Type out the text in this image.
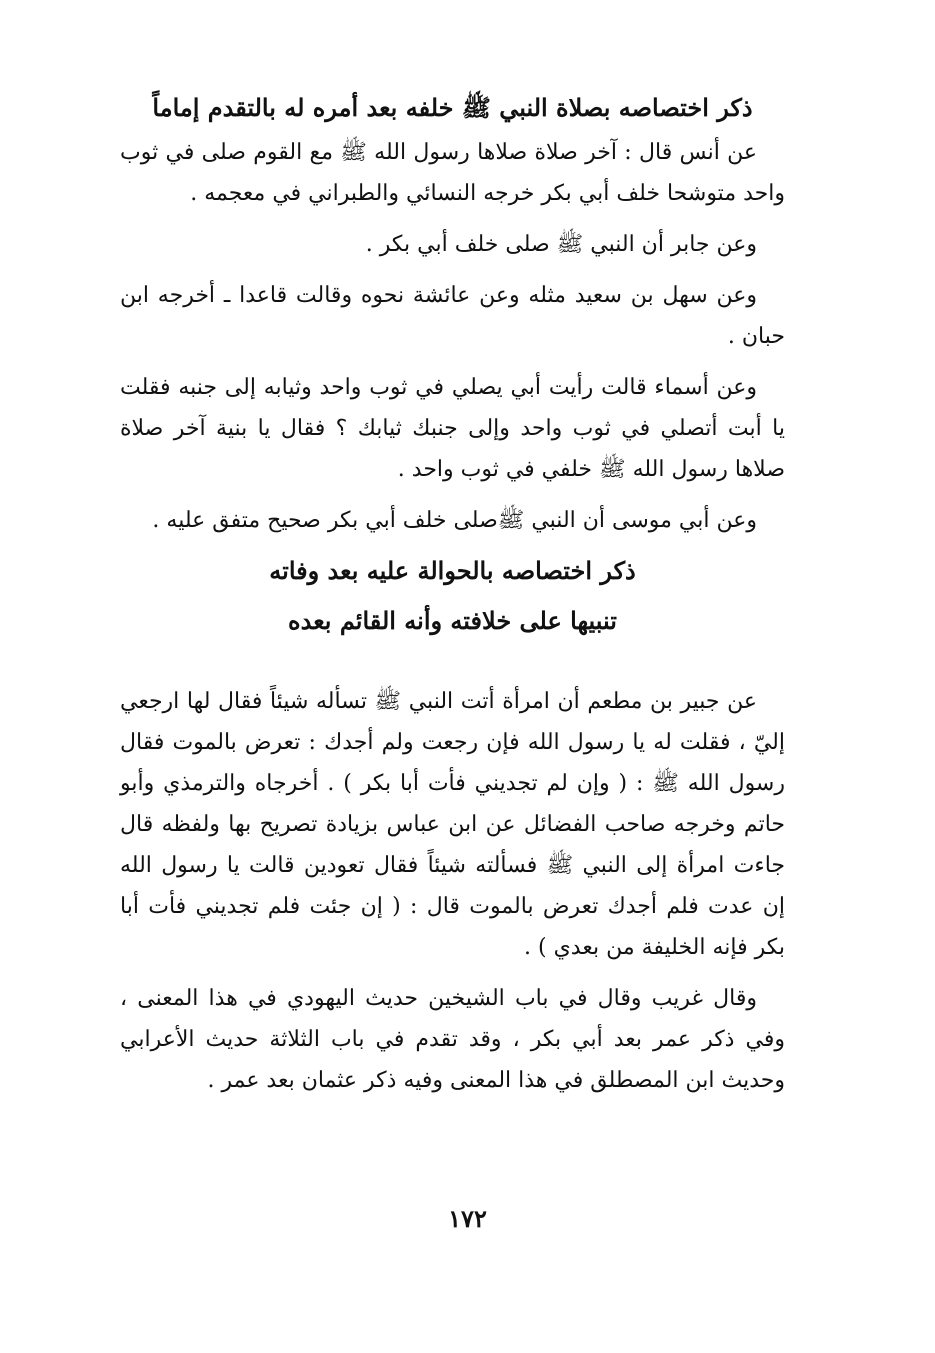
ذكر اختصاصه بصلاة النبي ﷺ خلفه بعد أمره له بالتقدم إماماً

عن أنس قال : آخر صلاة صلاها رسول الله ﷺ مع القوم صلى في ثوب واحد متوشحا خلف أبي بكر خرجه النسائي والطبراني في معجمه .

وعن جابر أن النبي ﷺ صلى خلف أبي بكر .

وعن سهل بن سعيد مثله وعن عائشة نحوه وقالت قاعدا ـ أخرجه ابن حبان .

وعن أسماء قالت رأيت أبي يصلي في ثوب واحد وثيابه إلى جنبه فقلت يا أبت أتصلي في ثوب واحد وإلى جنبك ثيابك ؟ فقال يا بنية آخر صلاة صلاها رسول الله ﷺ خلفي في ثوب واحد .

وعن أبي موسى أن النبي ﷺصلى خلف أبي بكر صحيح متفق عليه .

ذكر اختصاصه بالحوالة عليه بعد وفاته
تنبيها على خلافته وأنه القائم بعده

عن جبير بن مطعم أن امرأة أتت النبي ﷺ تسأله شيئاً فقال لها ارجعي إليّ ، فقلت له يا رسول الله فإن رجعت ولم أجدك : تعرض بالموت فقال رسول الله ﷺ : ( وإن لم تجديني فأت أبا بكر ) . أخرجاه والترمذي وأبو حاتم وخرجه صاحب الفضائل عن ابن عباس بزيادة تصريح بها ولفظه قال جاءت امرأة إلى النبي ﷺ فسألته شيئاً فقال تعودين قالت يا رسول الله إن عدت فلم أجدك تعرض بالموت قال : ( إن جئت فلم تجديني فأت أبا بكر فإنه الخليفة من بعدي ) .

وقال غريب وقال في باب الشيخين حديث اليهودي في هذا المعنى ، وفي ذكر عمر بعد أبي بكر ، وقد تقدم في باب الثلاثة حديث الأعرابي وحديث ابن المصطلق في هذا المعنى وفيه ذكر عثمان بعد عمر .

١٧٢
